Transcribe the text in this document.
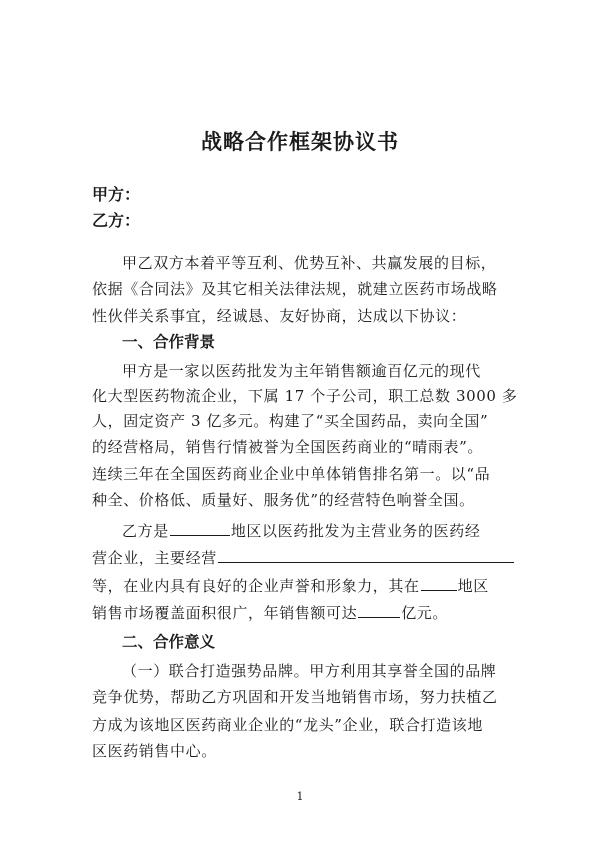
战略合作框架协议书
甲方：
乙方：
甲乙双方本着平等互利、优势互补、共赢发展的目标，
依据《合同法》及其它相关法律法规，就建立医药市场战略
性伙伴关系事宜，经诚恳、友好协商，达成以下协议：
一、合作背景
甲方是一家以医药批发为主年销售额逾百亿元的现代
化大型医药物流企业，下属 17 个子公司，职工总数 3000 多
人，固定资产 3 亿多元。构建了“买全国药品，卖向全国”
的经营格局，销售行情被誉为全国医药商业的“晴雨表”。
连续三年在全国医药商业企业中单体销售排名第一。以“品
种全、价格低、质量好、服务优”的经营特色响誉全国。
乙方是	地区以医药批发为主营业务的医药经
营企业，主要经营
等，在业内具有良好的企业声誉和形象力，其在	地区
销售市场覆盖面积很广，年销售额可达	亿元。
二、合作意义
（一）联合打造强势品牌。甲方利用其享誉全国的品牌
竞争优势，帮助乙方巩固和开发当地销售市场，努力扶植乙
方成为该地区医药商业企业的“龙头”企业，联合打造该地
区医药销售中心。
1
